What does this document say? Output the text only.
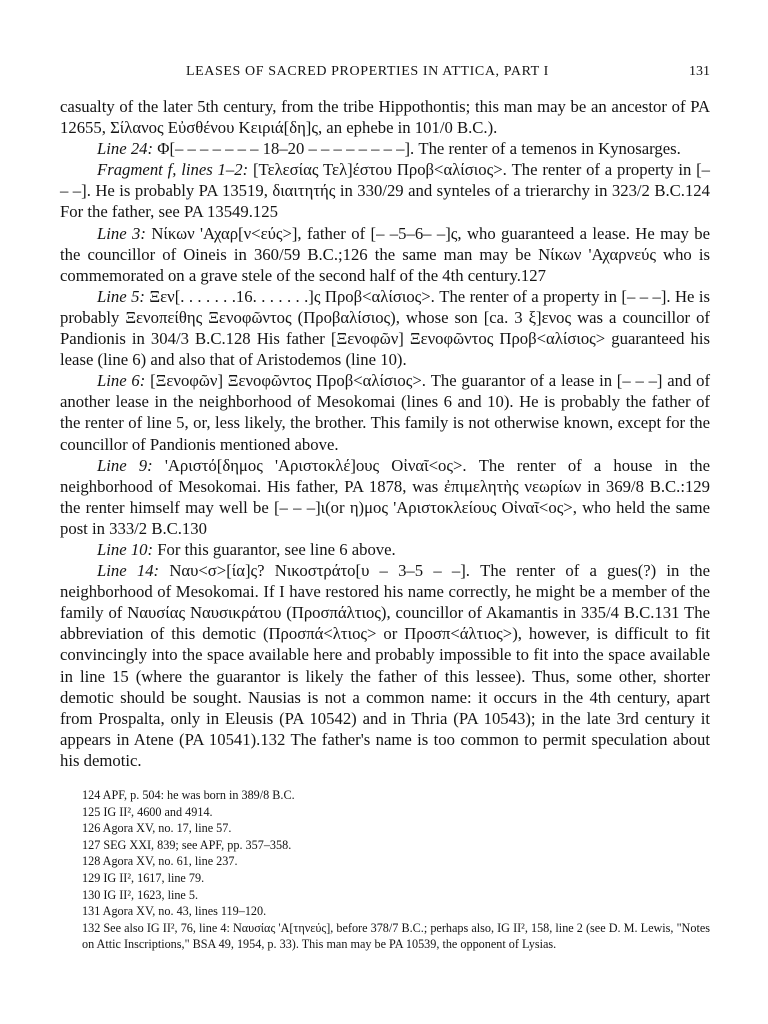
LEASES OF SACRED PROPERTIES IN ATTICA, PART I	131

casualty of the later 5th century, from the tribe Hippothontis; this man may be an ancestor of PA 12655, Σίλανος Εὐσθένου Κειριά[δη]ς, an ephebe in 101/0 B.C.).

Line 24: Φ[– – – – – – – 18–20 – – – – – – – –]. The renter of a temenos in Kynosarges.

Fragment f, lines 1–2: [Τελεσίας Τελ]έστου Προβ<αλίσιος>. The renter of a property in [– – –]. He is probably PA 13519, διαιτητής in 330/29 and synteles of a trierarchy in 323/2 B.C.124 For the father, see PA 13549.125

Line 3: Νίκων 'Αχαρ[ν<εύς>], father of [– –5–6– –]ς, who guaranteed a lease. He may be the councillor of Oineis in 360/59 B.C.;126 the same man may be Νίκων 'Αχαρνεύς who is commemorated on a grave stele of the second half of the 4th century.127

Line 5: Ξεν[. . . . . . .16. . . . . . .]ς Προβ<αλίσιος>. The renter of a property in [– – –]. He is probably Ξενοπείθης Ξενοφῶντος (Προβαλίσιος), whose son [ca. 3 ξ]ενος was a councillor of Pandionis in 304/3 B.C.128 His father [Ξενοφῶν] Ξενοφῶντος Προβ<αλίσιος> guaranteed his lease (line 6) and also that of Aristodemos (line 10).

Line 6: [Ξενοφῶν] Ξενοφῶντος Προβ<αλίσιος>. The guarantor of a lease in [– – –] and of another lease in the neighborhood of Mesokomai (lines 6 and 10). He is probably the father of the renter of line 5, or, less likely, the brother. This family is not otherwise known, except for the councillor of Pandionis mentioned above.

Line 9: 'Αριστό[δημος 'Αριστοκλέ]ους Οἰναῖ<ος>. The renter of a house in the neighborhood of Mesokomai. His father, PA 1878, was ἐπιμελητὴς νεωρίων in 369/8 B.C.:129 the renter himself may well be [– – –]ι(or η)μος 'Αριστοκλείους Οἰναῖ<ος>, who held the same post in 333/2 B.C.130

Line 10: For this guarantor, see line 6 above.

Line 14: Ναυ<σ>[ία]ς? Νικοστράτο[υ – 3–5 – –]. The renter of a gues(?) in the neighborhood of Mesokomai. If I have restored his name correctly, he might be a member of the family of Ναυσίας Ναυσικράτου (Προσπάλτιος), councillor of Akamantis in 335/4 B.C.131 The abbreviation of this demotic (Προσπά<λτιος> or Προσπ<άλτιος>), however, is difficult to fit convincingly into the space available here and probably impossible to fit into the space available in line 15 (where the guarantor is likely the father of this lessee). Thus, some other, shorter demotic should be sought. Nausias is not a common name: it occurs in the 4th century, apart from Prospalta, only in Eleusis (PA 10542) and in Thria (PA 10543); in the late 3rd century it appears in Atene (PA 10541).132 The father's name is too common to permit speculation about his demotic.

124 APF, p. 504: he was born in 389/8 B.C.
125 IG II², 4600 and 4914.
126 Agora XV, no. 17, line 57.
127 SEG XXI, 839; see APF, pp. 357–358.
128 Agora XV, no. 61, line 237.
129 IG II², 1617, line 79.
130 IG II², 1623, line 5.
131 Agora XV, no. 43, lines 119–120.
132 See also IG II², 76, line 4: Ναυσίας 'Α[τηνεύς], before 378/7 B.C.; perhaps also, IG II², 158, line 2 (see D. M. Lewis, "Notes on Attic Inscriptions," BSA 49, 1954, p. 33). This man may be PA 10539, the opponent of Lysias.
